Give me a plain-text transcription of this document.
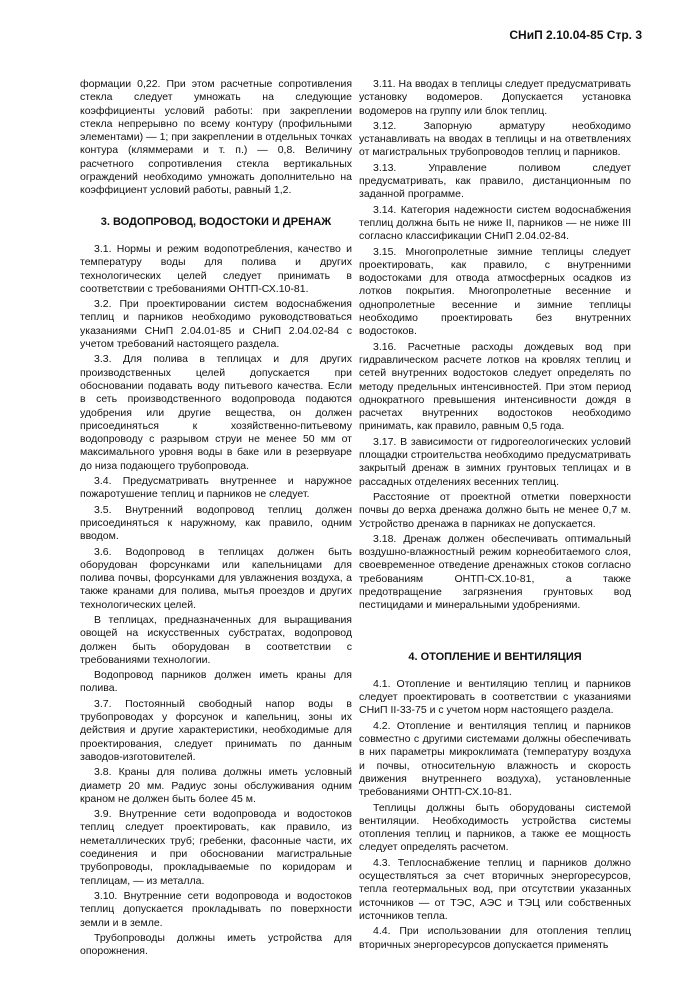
СНиП 2.10.04-85 Стр. 3

формации 0,22. При этом расчетные сопротивления стекла следует умножать на следующие коэффициенты условий работы: при закреплении стекла непрерывно по всему контуру (профильными элементами) — 1; при закреплении в отдельных точках контура (кляммерами и т. п.) — 0,8. Величину расчетного сопротивления стекла вертикальных ограждений необходимо умножать дополнительно на коэффициент условий работы, равный 1,2.

3. ВОДОПРОВОД, ВОДОСТОКИ И ДРЕНАЖ

3.1. Нормы и режим водопотребления, качество и температуру воды для полива и других технологических целей следует принимать в соответствии с требованиями ОНТП-СХ.10-81.

3.2. При проектировании систем водоснабжения теплиц и парников необходимо руководствоваться указаниями СНиП 2.04.01-85 и СНиП 2.04.02-84 с учетом требований настоящего раздела.

3.3. Для полива в теплицах и для других производственных целей допускается при обосновании подавать воду питьевого качества. Если в сеть производственного водопровода подаются удобрения или другие вещества, он должен присоединяться к хозяйственно-питьевому водопроводу с разрывом струи не менее 50 мм от максимального уровня воды в баке или в резервуаре до низа подающего трубопровода.

3.4. Предусматривать внутреннее и наружное пожаротушение теплиц и парников не следует.

3.5. Внутренний водопровод теплиц должен присоединяться к наружному, как правило, одним вводом.

3.6. Водопровод в теплицах должен быть оборудован форсунками или капельницами для полива почвы, форсунками для увлажнения воздуха, а также кранами для полива, мытья проездов и других технологических целей.

В теплицах, предназначенных для выращивания овощей на искусственных субстратах, водопровод должен быть оборудован в соответствии с требованиями технологии.

Водопровод парников должен иметь краны для полива.

3.7. Постоянный свободный напор воды в трубопроводах у форсунок и капельниц, зоны их действия и другие характеристики, необходимые для проектирования, следует принимать по данным заводов-изготовителей.

3.8. Краны для полива должны иметь условный диаметр 20 мм. Радиус зоны обслуживания одним краном не должен быть более 45 м.

3.9. Внутренние сети водопровода и водостоков теплиц следует проектировать, как правило, из неметаллических труб; гребенки, фасонные части, их соединения и при обосновании магистральные трубопроводы, прокладываемые по коридорам и теплицам, — из металла.

3.10. Внутренние сети водопровода и водостоков теплиц допускается прокладывать по поверхности земли и в земле.

Трубопроводы должны иметь устройства для опорожнения.

3.11. На вводах в теплицы следует предусматривать установку водомеров. Допускается установка водомеров на группу или блок теплиц.

3.12. Запорную арматуру необходимо устанавливать на вводах в теплицы и на ответвлениях от магистральных трубопроводов теплиц и парников.

3.13. Управление поливом следует предусматривать, как правило, дистанционным по заданной программе.

3.14. Категория надежности систем водоснабжения теплиц должна быть не ниже II, парников — не ниже III согласно классификации СНиП 2.04.02-84.

3.15. Многопролетные зимние теплицы следует проектировать, как правило, с внутренними водостоками для отвода атмосферных осадков из лотков покрытия. Многопролетные весенние и однопролетные весенние и зимние теплицы необходимо проектировать без внутренних водостоков.

3.16. Расчетные расходы дождевых вод при гидравлическом расчете лотков на кровлях теплиц и сетей внутренних водостоков следует определять по методу предельных интенсивностей. При этом период однократного превышения интенсивности дождя в расчетах внутренних водостоков необходимо принимать, как правило, равным 0,5 года.

3.17. В зависимости от гидрогеологических условий площадки строительства необходимо предусматривать закрытый дренаж в зимних грунтовых теплицах и в рассадных отделениях весенних теплиц.

Расстояние от проектной отметки поверхности почвы до верха дренажа должно быть не менее 0,7 м. Устройство дренажа в парниках не допускается.

3.18. Дренаж должен обеспечивать оптимальный воздушно-влажностный режим корнеобитаемого слоя, своевременное отведение дренажных стоков согласно требованиям ОНТП-СХ.10-81, а также предотвращение загрязнения грунтовых вод пестицидами и минеральными удобрениями.

4. ОТОПЛЕНИЕ И ВЕНТИЛЯЦИЯ

4.1. Отопление и вентиляцию теплиц и парников следует проектировать в соответствии с указаниями СНиП II-33-75 и с учетом норм настоящего раздела.

4.2. Отопление и вентиляция теплиц и парников совместно с другими системами должны обеспечивать в них параметры микроклимата (температуру воздуха и почвы, относительную влажность и скорость движения внутреннего воздуха), установленные требованиями ОНТП-СХ.10-81.

Теплицы должны быть оборудованы системой вентиляции. Необходимость устройства системы отопления теплиц и парников, а также ее мощность следует определять расчетом.

4.3. Теплоснабжение теплиц и парников должно осуществляться за счет вторичных энергоресурсов, тепла геотермальных вод, при отсутствии указанных источников — от ТЭС, АЭС и ТЭЦ или собственных источников тепла.

4.4. При использовании для отопления теплиц вторичных энергоресурсов допускается применять
